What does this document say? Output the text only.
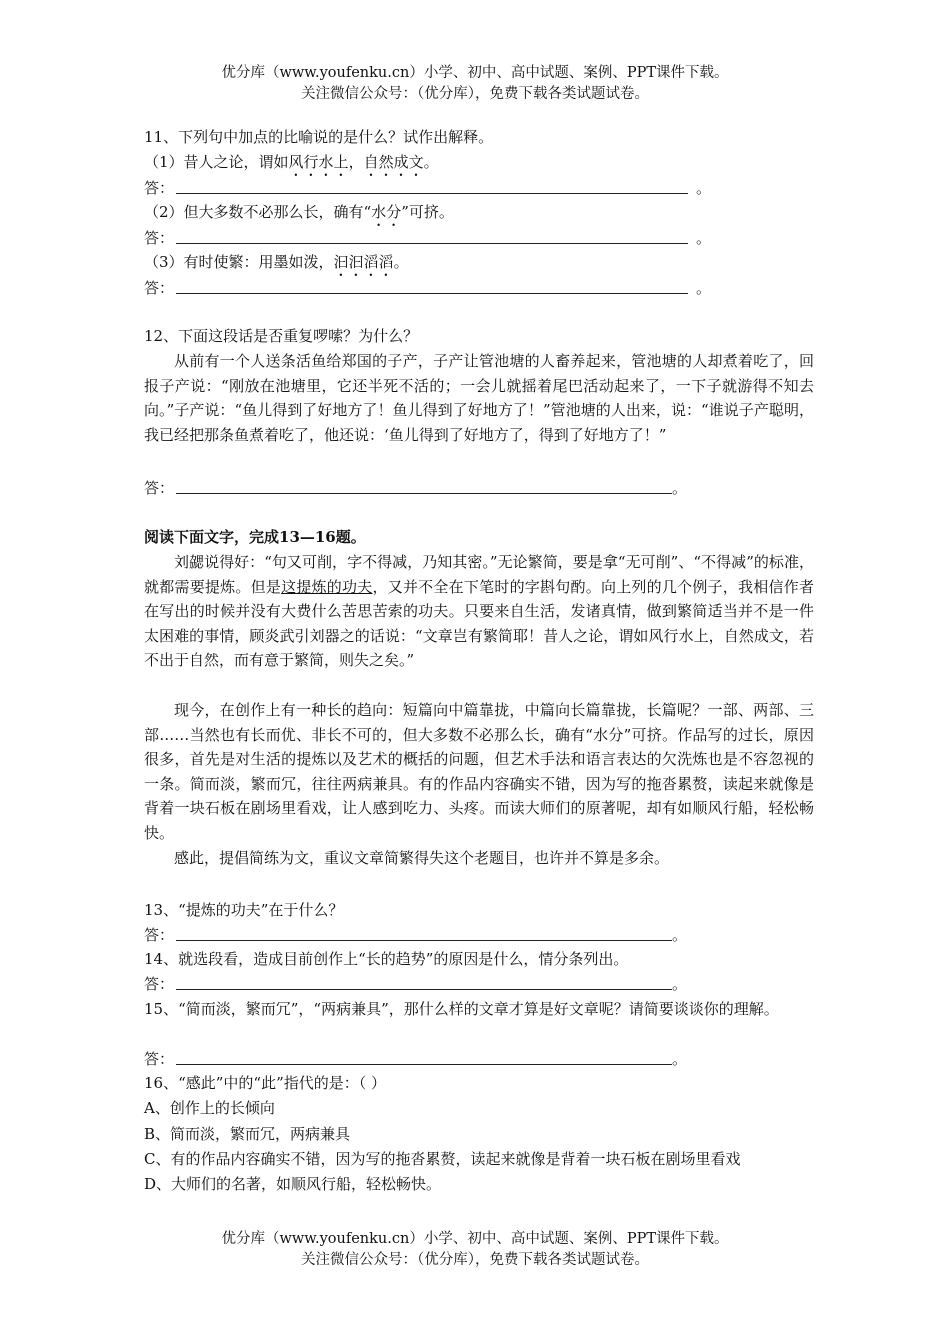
优分库（www.youfenku.cn）小学、初中、高中试题、案例、PPT课件下载。
关注微信公众号：（优分库），免费下载各类试题试卷。
11、下列句中加点的比喻说的是什么？试作出解释。
（1）昔人之论，谓如风行水上，自然成文。
答：	。
（2）但大多数不必那么长，确有“水分”可挤。
答：	。
（3）有时使繁：用墨如泼，汩汩滔滔。
答：	。
12、下面这段话是否重复啰嗦？为什么？
从前有一个人送条活鱼给郑国的子产，子产让管池塘的人畜养起来，管池塘的人却煮着吃了，回报子产说：“刚放在池塘里，它还半死不活的；一会儿就摇着尾巴活动起来了，一下子就游得不知去向。”子产说：“鱼儿得到了好地方了！鱼儿得到了好地方了！”管池塘的人出来，说：“谁说子产聪明，我已经把那条鱼煮着吃了，他还说：‘鱼儿得到了好地方了，得到了好地方了！”
答：	。
阅读下面文字，完成13—16题。
刘勰说得好：“句又可削，字不得减，乃知其密。”无论繁简，要是拿“无可削”、“不得减”的标准，就都需要提炼。但是这提炼的功夫，又并不全在下笔时的字斟句酌。向上列的几个例子，我相信作者在写出的时候并没有大费什么苦思苦索的功夫。只要来自生活，发诸真情，做到繁简适当并不是一件太困难的事情，顾炎武引刘器之的话说：“文章岂有繁简耶！昔人之论，谓如风行水上，自然成文，若不出于自然，而有意于繁简，则失之矣。”
现今，在创作上有一种长的趋向：短篇向中篇靠拢，中篇向长篇靠拢，长篇呢？一部、两部、三部……当然也有长而优、非长不可的，但大多数不必那么长，确有“水分”可挤。作品写的过长，原因很多，首先是对生活的提炼以及艺术的概括的问题，但艺术手法和语言表达的欠洗炼也是不容忽视的一条。简而淡，繁而冗，往往两病兼具。有的作品内容确实不错，因为写的拖沓累赘，读起来就像是背着一块石板在剧场里看戏，让人感到吃力、头疼。而读大师们的原著呢，却有如顺风行船，轻松畅快。
感此，提倡简练为文，重议文章简繁得失这个老题目，也许并不算是多余。
13、“提炼的功夫”在于什么？
答：	。
14、就选段看，造成目前创作上“长的趋势”的原因是什么，情分条列出。
答：	。
15、“简而淡，繁而冗”，“两病兼具”，那什么样的文章才算是好文章呢？请简要谈谈你的理解。
答：	。
16、“感此”中的“此”指代的是：（ ）
A、创作上的长倾向
B、简而淡，繁而冗，两病兼具
C、有的作品内容确实不错，因为写的拖沓累赘，读起来就像是背着一块石板在剧场里看戏
D、大师们的名著，如顺风行船，轻松畅快。
优分库（www.youfenku.cn）小学、初中、高中试题、案例、PPT课件下载。
关注微信公众号：（优分库），免费下载各类试题试卷。
